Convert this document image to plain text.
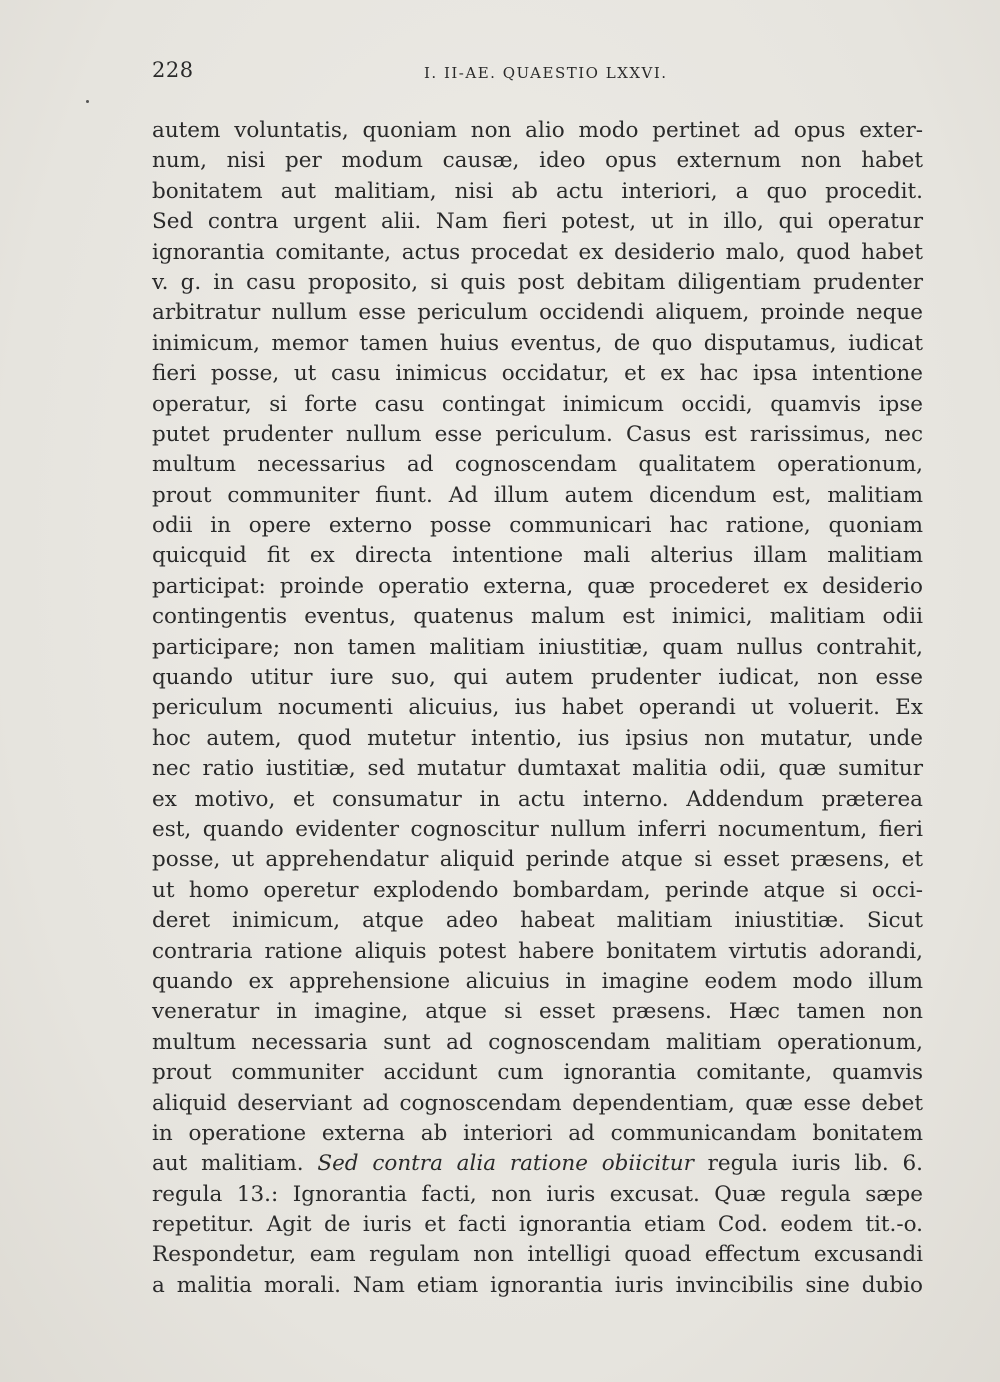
228	I. II-AE. QUAESTIO LXXVI.
autem voluntatis, quoniam non alio modo pertinet ad opus exter-
num, nisi per modum causæ, ideo opus externum non habet
bonitatem aut malitiam, nisi ab actu interiori, a quo procedit.
Sed contra urgent alii. Nam fieri potest, ut in illo, qui operatur
ignorantia comitante, actus procedat ex desiderio malo, quod habet
v. g. in casu proposito, si quis post debitam diligentiam prudenter
arbitratur nullum esse periculum occidendi aliquem, proinde neque
inimicum, memor tamen huius eventus, de quo disputamus, iudicat
fieri posse, ut casu inimicus occidatur, et ex hac ipsa intentione
operatur, si forte casu contingat inimicum occidi, quamvis ipse
putet prudenter nullum esse periculum. Casus est rarissimus, nec
multum necessarius ad cognoscendam qualitatem operationum,
prout communiter fiunt. Ad illum autem dicendum est, malitiam
odii in opere externo posse communicari hac ratione, quoniam
quicquid fit ex directa intentione mali alterius illam malitiam
participat: proinde operatio externa, quæ procederet ex desiderio
contingentis eventus, quatenus malum est inimici, malitiam odii
participare; non tamen malitiam iniustitiæ, quam nullus contrahit,
quando utitur iure suo, qui autem prudenter iudicat, non esse
periculum nocumenti alicuius, ius habet operandi ut voluerit. Ex
hoc autem, quod mutetur intentio, ius ipsius non mutatur, unde
nec ratio iustitiæ, sed mutatur dumtaxat malitia odii, quæ sumitur
ex motivo, et consumatur in actu interno. Addendum præterea
est, quando evidenter cognoscitur nullum inferri nocumentum, fieri
posse, ut apprehendatur aliquid perinde atque si esset præsens, et
ut homo operetur explodendo bombardam, perinde atque si occi-
deret inimicum, atque adeo habeat malitiam iniustitiæ. Sicut
contraria ratione aliquis potest habere bonitatem virtutis adorandi,
quando ex apprehensione alicuius in imagine eodem modo illum
veneratur in imagine, atque si esset præsens. Hæc tamen non
multum necessaria sunt ad cognoscendam malitiam operationum,
prout communiter accidunt cum ignorantia comitante, quamvis
aliquid deserviant ad cognoscendam dependentiam, quæ esse debet
in operatione externa ab interiori ad communicandam bonitatem
aut malitiam. Sed contra alia ratione obiicitur regula iuris lib. 6.
regula 13.: Ignorantia facti, non iuris excusat. Quæ regula sæpe
repetitur. Agit de iuris et facti ignorantia etiam Cod. eodem tit.-o.
Respondetur, eam regulam non intelligi quoad effectum excusandi
a malitia morali. Nam etiam ignorantia iuris invincibilis sine dubio
